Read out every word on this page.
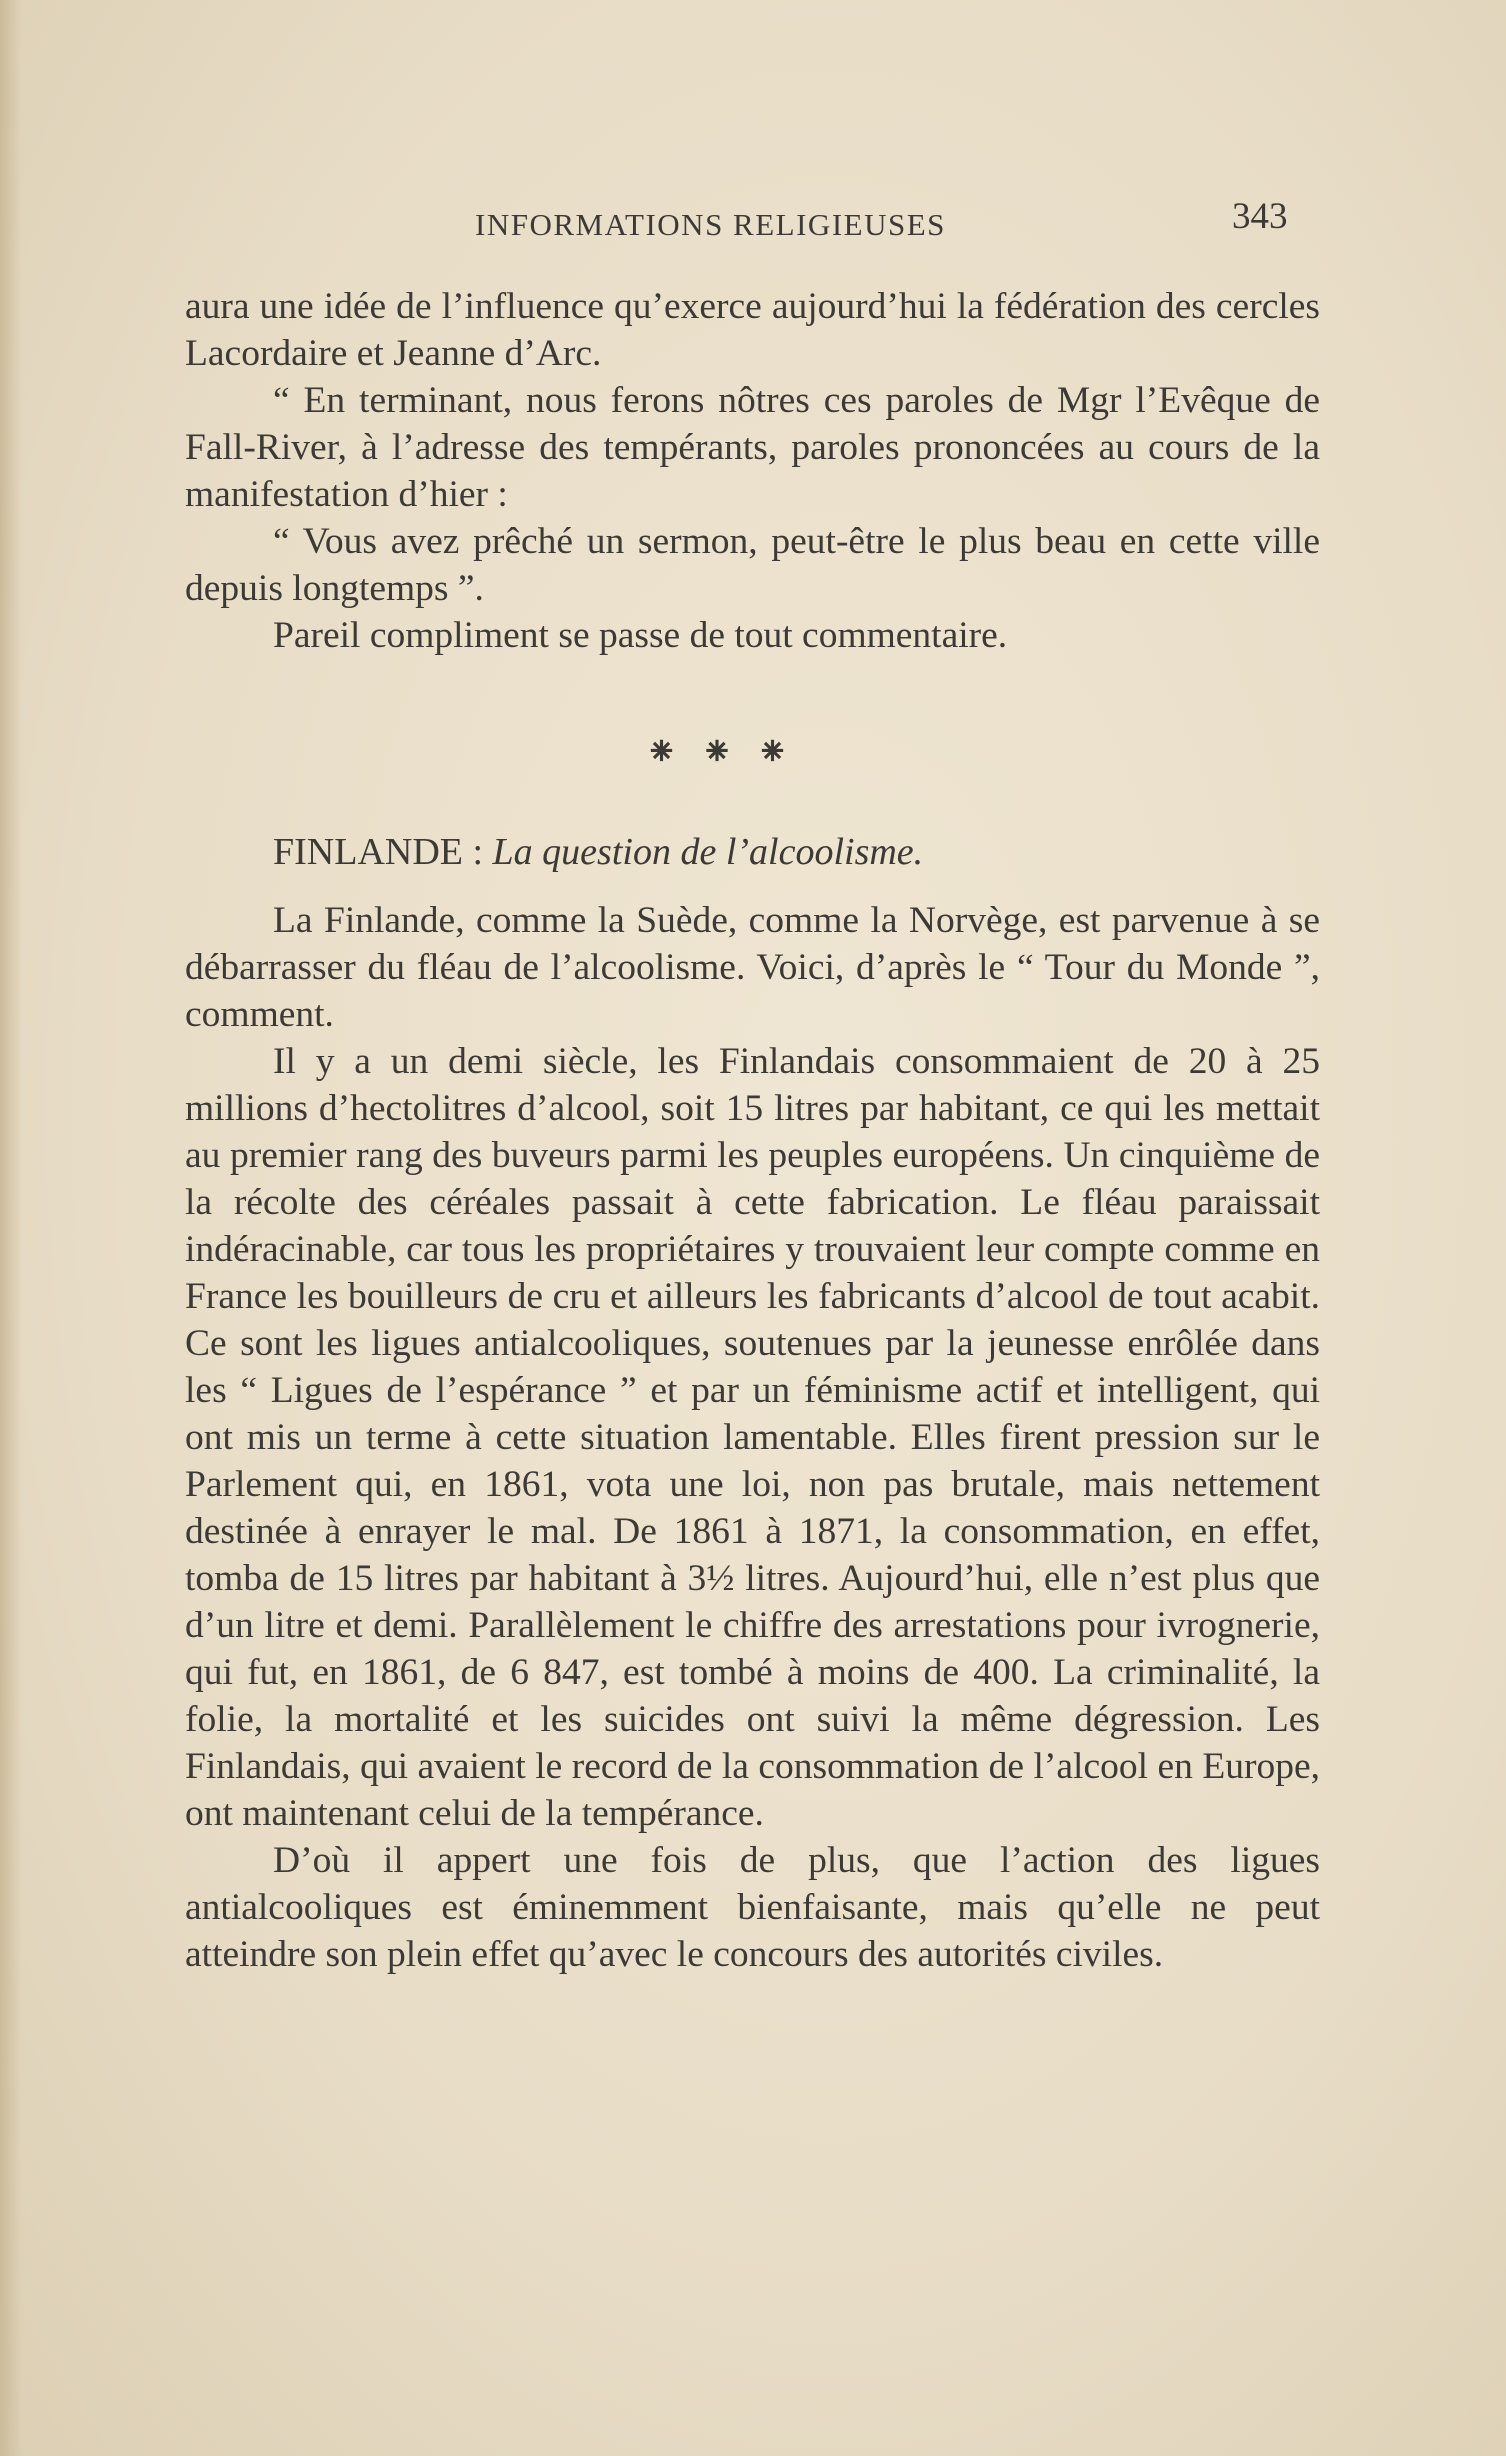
INFORMATIONS RELIGIEUSES	343

aura une idée de l’influence qu’exerce aujourd’hui la fédération des cercles Lacordaire et Jeanne d’Arc.

“ En terminant, nous ferons nôtres ces paroles de Mgr l’Evêque de Fall-River, à l’adresse des tempérants, paroles prononcées au cours de la manifestation d’hier :

“ Vous avez prêché un sermon, peut-être le plus beau en cette ville depuis longtemps ”.

Pareil compliment se passe de tout commentaire.

⁕ ⁕ ⁕
FINLANDE : La question de l’alcoolisme.

La Finlande, comme la Suède, comme la Norvège, est parvenue à se débarrasser du fléau de l’alcoolisme. Voici, d’après le “ Tour du Monde ”, comment.

Il y a un demi siècle, les Finlandais consommaient de 20 à 25 millions d’hectolitres d’alcool, soit 15 litres par habitant, ce qui les mettait au premier rang des buveurs parmi les peuples européens. Un cinquième de la récolte des céréales passait à cette fabrication. Le fléau paraissait indéracinable, car tous les propriétaires y trouvaient leur compte comme en France les bouilleurs de cru et ailleurs les fabricants d’alcool de tout acabit. Ce sont les ligues antialcooliques, soutenues par la jeunesse enrôlée dans les “ Ligues de l’espérance ” et par un féminisme actif et intelligent, qui ont mis un terme à cette situation lamentable. Elles firent pression sur le Parlement qui, en 1861, vota une loi, non pas brutale, mais nettement destinée à enrayer le mal. De 1861 à 1871, la consommation, en effet, tomba de 15 litres par habitant à 3½ litres. Aujourd’hui, elle n’est plus que d’un litre et demi. Parallèlement le chiffre des arrestations pour ivrognerie, qui fut, en 1861, de 6 847, est tombé à moins de 400. La criminalité, la folie, la mortalité et les suicides ont suivi la même dégression. Les Finlandais, qui avaient le record de la consommation de l’alcool en Europe, ont maintenant celui de la tempérance.

D’où il appert une fois de plus, que l’action des ligues antialcooliques est éminemment bienfaisante, mais qu’elle ne peut atteindre son plein effet qu’avec le concours des autorités civiles.
